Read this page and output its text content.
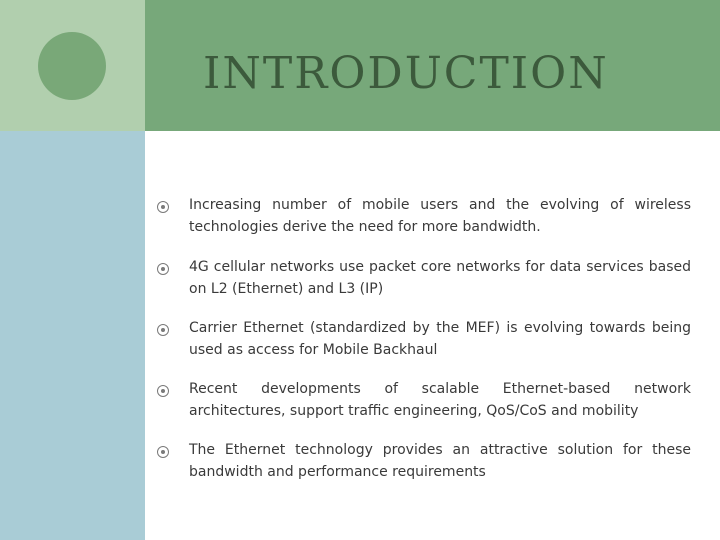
INTRODUCTION

Increasing number of mobile users and the evolving of wireless technologies derive the need for more bandwidth.

4G cellular networks use packet core networks for data services based on L2 (Ethernet) and L3 (IP)

Carrier Ethernet (standardized by the MEF) is evolving towards being used as access for Mobile Backhaul

Recent developments of scalable Ethernet-based network architectures, support traffic engineering, QoS/CoS and mobility

The Ethernet technology provides an attractive solution for these bandwidth and performance requirements
